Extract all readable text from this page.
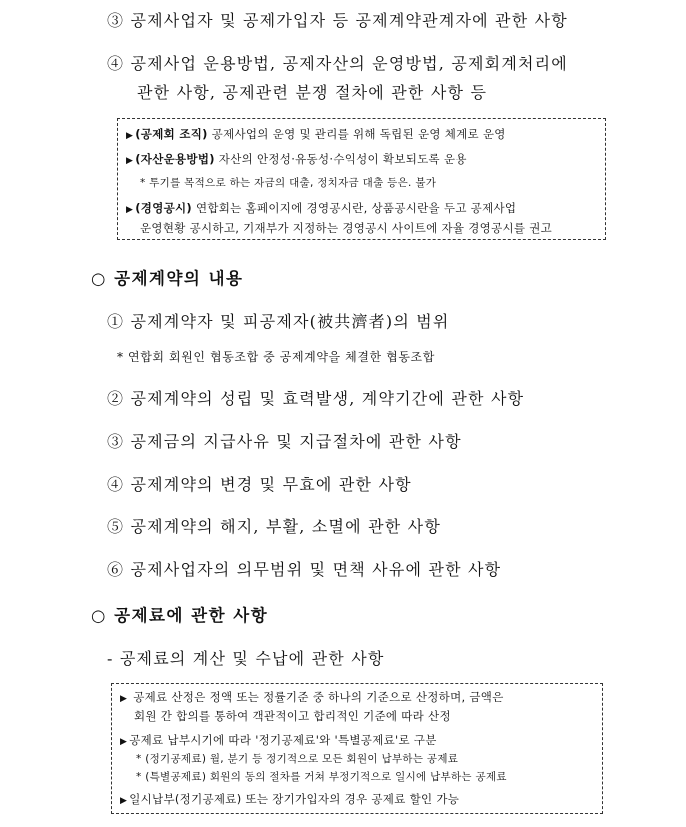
③ 공제사업자 및 공제가입자 등 공제계약관계자에 관한 사항
④ 공제사업 운용방법, 공제자산의 운영방법, 공제회계처리에
관한 사항, 공제관련 분쟁 절차에 관한 사항 등
▶ (공제회 조직) 공제사업의 운영 및 관리를 위해 독립된 운영 체계로 운영
▶ (자산운용방법) 자산의 안정성·유동성·수익성이 확보되도록 운용
* 투기를 목적으로 하는 자금의 대출, 정치자금 대출 등은. 불가
▶ (경영공시) 연합회는 홈페이지에 경영공시란, 상품공시란을 두고 공제사업
운영현황 공시하고, 기재부가 지정하는 경영공시 사이트에 자율 경영공시를 권고
○ 공제계약의 내용
① 공제계약자 및 피공제자(被共濟者)의 범위
* 연합회 회원인 협동조합 중 공제계약을 체결한 협동조합
② 공제계약의 성립 및 효력발생, 계약기간에 관한 사항
③ 공제금의 지급사유 및 지급절차에 관한 사항
④ 공제계약의 변경 및 무효에 관한 사항
⑤ 공제계약의 해지, 부활, 소멸에 관한 사항
⑥ 공제사업자의 의무범위 및 면책 사유에 관한 사항
○ 공제료에 관한 사항
- 공제료의 계산 및 수납에 관한 사항
▶ 공제료 산정은 정액 또는 정률기준 중 하나의 기준으로 산정하며, 금액은
회원 간 합의를 통하여 객관적이고 합리적인 기준에 따라 산정
▶ 공제료 납부시기에 따라 '정기공제료'와 '특별공제료'로 구분
* (정기공제료) 월, 분기 등 정기적으로 모든 회원이 납부하는 공제료
* (특별공제료) 회원의 동의 절차를 거쳐 부정기적으로 일시에 납부하는 공제료
▶ 일시납부(정기공제료) 또는 장기가입자의 경우 공제료 할인 가능
